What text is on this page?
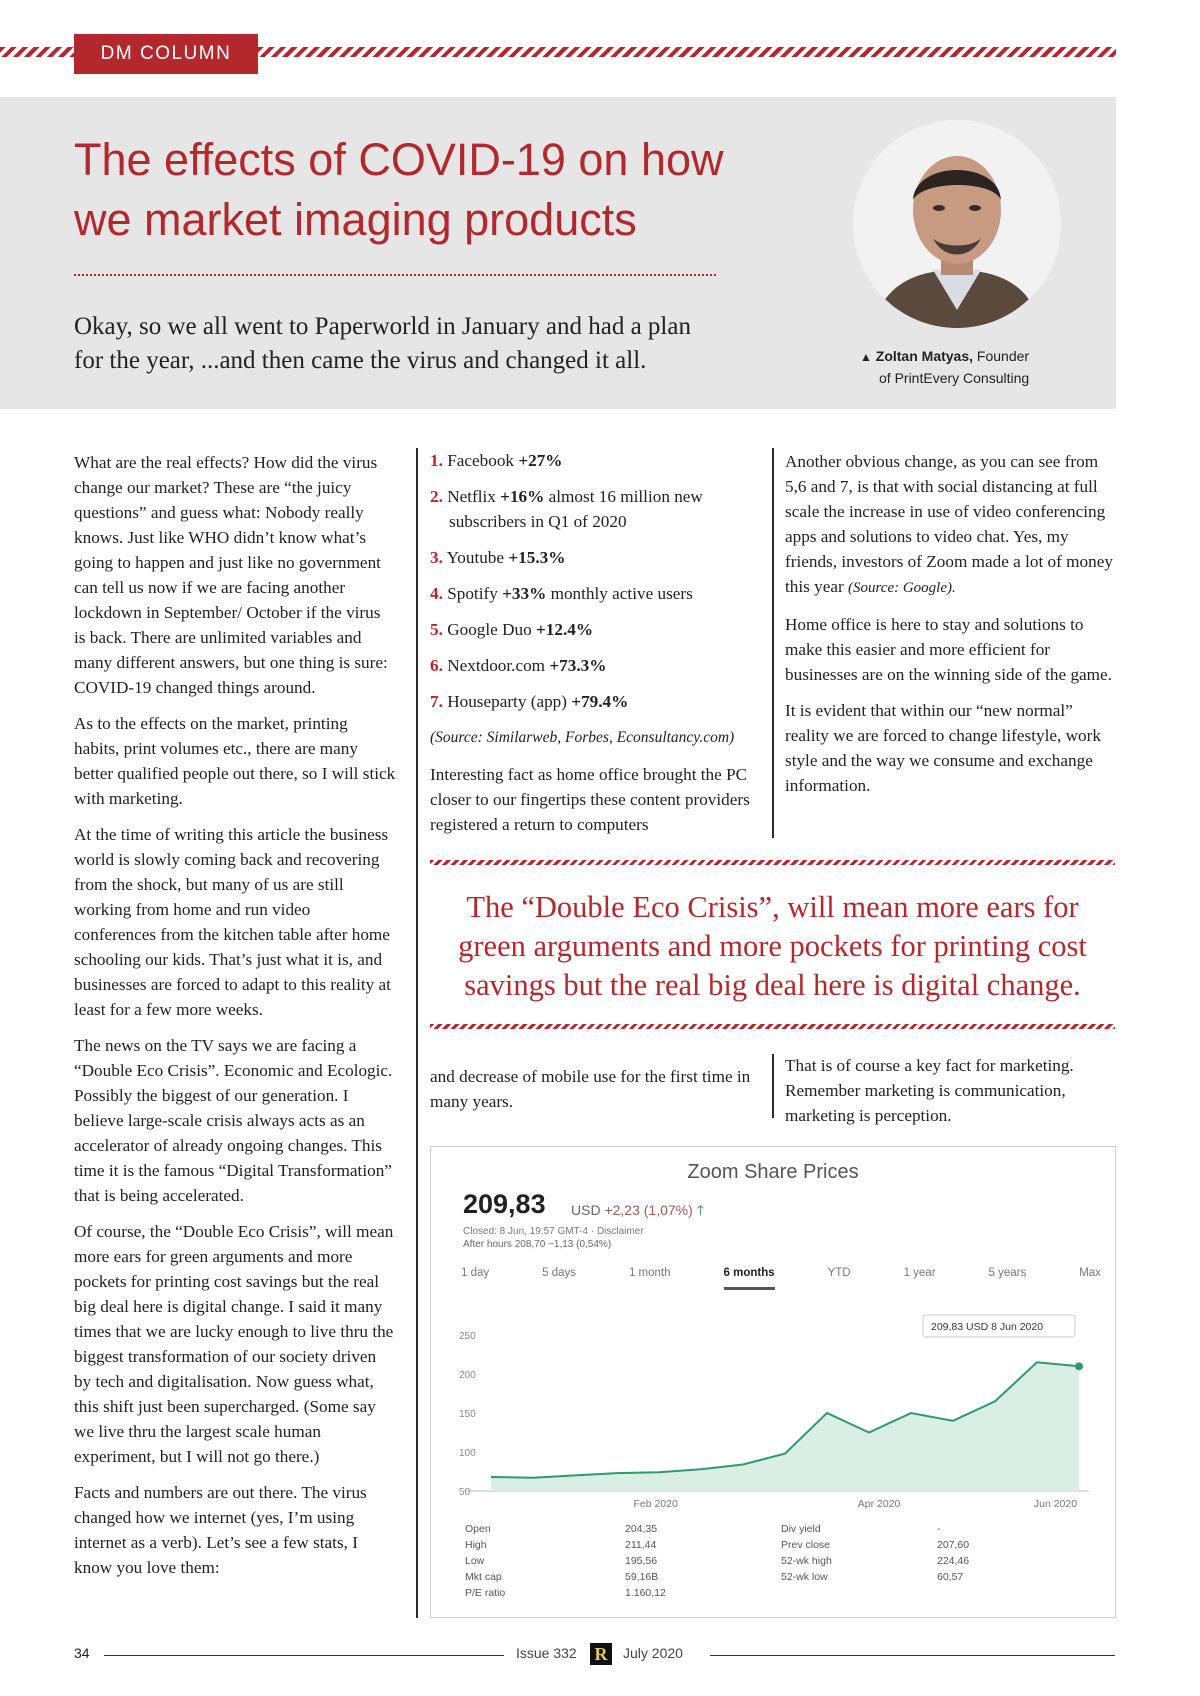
DM COLUMN
The effects of COVID-19 on how we market imaging products
Okay, so we all went to Paperworld in January and had a plan for the year, ...and then came the virus and changed it all.	▲ Zoltan Matyas, Founder
of PrintEvery Consulting

What are the real effects? How did the virus change our market? These are “the juicy questions” and guess what: Nobody really knows. Just like WHO didn’t know what’s going to happen and just like no government can tell us now if we are facing another lockdown in September/ October if the virus is back. There are unlimited variables and many different answers, but one thing is sure: COVID-19 changed things around.

As to the effects on the market, printing habits, print volumes etc., there are many better qualified people out there, so I will stick with marketing.

At the time of writing this article the business world is slowly coming back and recovering from the shock, but many of us are still working from home and run video conferences from the kitchen table after home schooling our kids. That’s just what it is, and businesses are forced to adapt to this reality at least for a few more weeks.

The news on the TV says we are facing a “Double Eco Crisis”. Economic and Ecologic. Possibly the biggest of our generation. I believe large-scale crisis always acts as an accelerator of already ongoing changes. This time it is the famous “Digital Transformation” that is being accelerated.

Of course, the “Double Eco Crisis”, will mean more ears for green arguments and more pockets for printing cost savings but the real big deal here is digital change. I said it many times that we are lucky enough to live thru the biggest transformation of our society driven by tech and digitalisation. Now guess what, this shift just been supercharged. (Some say we live thru the largest scale human experiment, but I will not go there.)

Facts and numbers are out there. The virus changed how we internet (yes, I’m using internet as a verb). Let’s see a few stats, I know you love them:

1. Facebook +27%
2. Netflix +16% almost 16 million new
subscribers in Q1 of 2020
3. Youtube +15.3%
4. Spotify +33% monthly active users
5. Google Duo +12.4%
6. Nextdoor.com +73.3%
7. Houseparty (app) +79.4%
(Source: Similarweb, Forbes, Econsultancy.com)

Interesting fact as home office brought the PC closer to our fingertips these content providers registered a return to computers

Another obvious change, as you can see from 5,6 and 7, is that with social distancing at full scale the increase in use of video conferencing apps and solutions to video chat. Yes, my friends, investors of Zoom made a lot of money this year (Source: Google).

Home office is here to stay and solutions to make this easier and more efficient for businesses are on the winning side of the game.

It is evident that within our “new normal” reality we are forced to change lifestyle, work style and the way we consume and exchange information.

The “Double Eco Crisis”, will mean more ears for green arguments and more pockets for printing cost savings but the real big deal here is digital change.
and decrease of mobile use for the first time in many years.
That is of course a key fact for marketing. Remember marketing is communication, marketing is perception.
Zoom Share Prices
209,83 USD +2,23 (1,07%) 🡑
Closed: 8 Jun, 19:57 GMT-4 · Disclaimer
After hours 208,70 −1,13 (0,54%)
1 day	5 days	1 month	6 months	YTD	1 year	5 years	Max
50
100
150
200
250
Feb 2020	Apr 2020	Jun 2020
209,83 USD 8 Jun 2020
Open	204,35	Div yield	-
High	211,44	Prev close	207,60
Low	195,56	52-wk high	224,46
Mkt cap	59,16B	52-wk low	60,57
P/E ratio	1.160,12
34	Issue 332 R	July 2020
